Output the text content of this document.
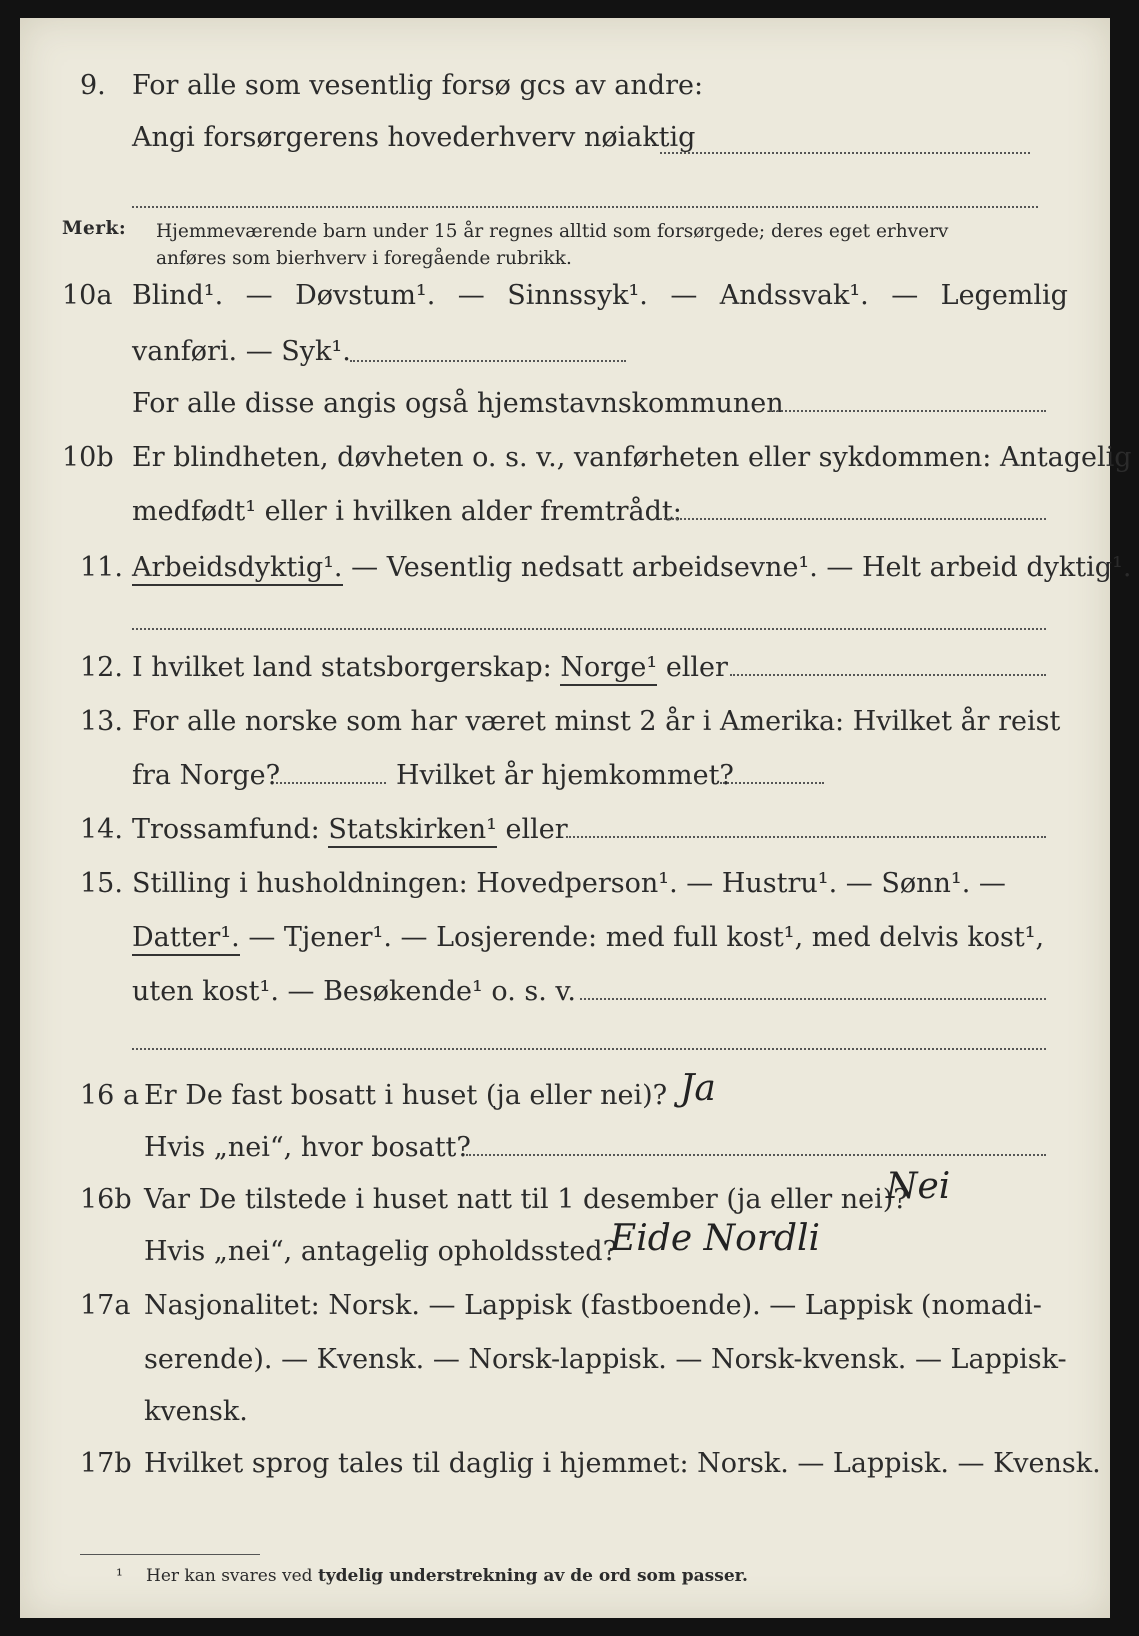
9. For alle som vesentlig forsø gcs av andre:
Angi forsørgerens hovederhverv nøiaktig
Merk: Hjemmeværende barn under 15 år regnes alltid som forsørgede; deres eget erhverv
anføres som bierhverv i foregående rubrikk.
10a Blind¹. — Døvstum¹. — Sinnssyk¹. — Andssvak¹. — Legemlig
vanføri. — Syk¹.
For alle disse angis også hjemstavnskommunen
10b Er blindheten, døvheten o. s. v., vanførheten eller sykdommen: Antagelig
medfødt¹ eller i hvilken alder fremtrådt:
11. Arbeidsdyktig¹. — Vesentlig nedsatt arbeidsevne¹. — Helt arbeid dyktig¹.
12. I hvilket land statsborgerskap: Norge¹ eller
13. For alle norske som har været minst 2 år i Amerika: Hvilket år reist
fra Norge?	Hvilket år hjemkommet?
14. Trossamfund: Statskirken¹ eller
15. Stilling i husholdningen: Hovedperson¹. — Hustru¹. — Sønn¹. —
Datter¹. — Tjener¹. — Losjerende: med full kost¹, med delvis kost¹,
uten kost¹. — Besøkende¹ o. s. v.
16 a Er De fast bosatt i huset (ja eller nei)? Ja
Hvis „nei“, hvor bosatt?
16b Var De tilstede i huset natt til 1 desember (ja eller nei)?
Nei
Hvis „nei“, antagelig opholdssted?
Eide Nordli
17a Nasjonalitet: Norsk. — Lappisk (fastboende). — Lappisk (nomadi-
serende). — Kvensk. — Norsk-lappisk. — Norsk-kvensk. — Lappisk-
kvensk.
17b Hvilket sprog tales til daglig i hjemmet: Norsk. — Lappisk. — Kvensk.
¹ Her kan svares ved tydelig understrekning av de ord som passer.
